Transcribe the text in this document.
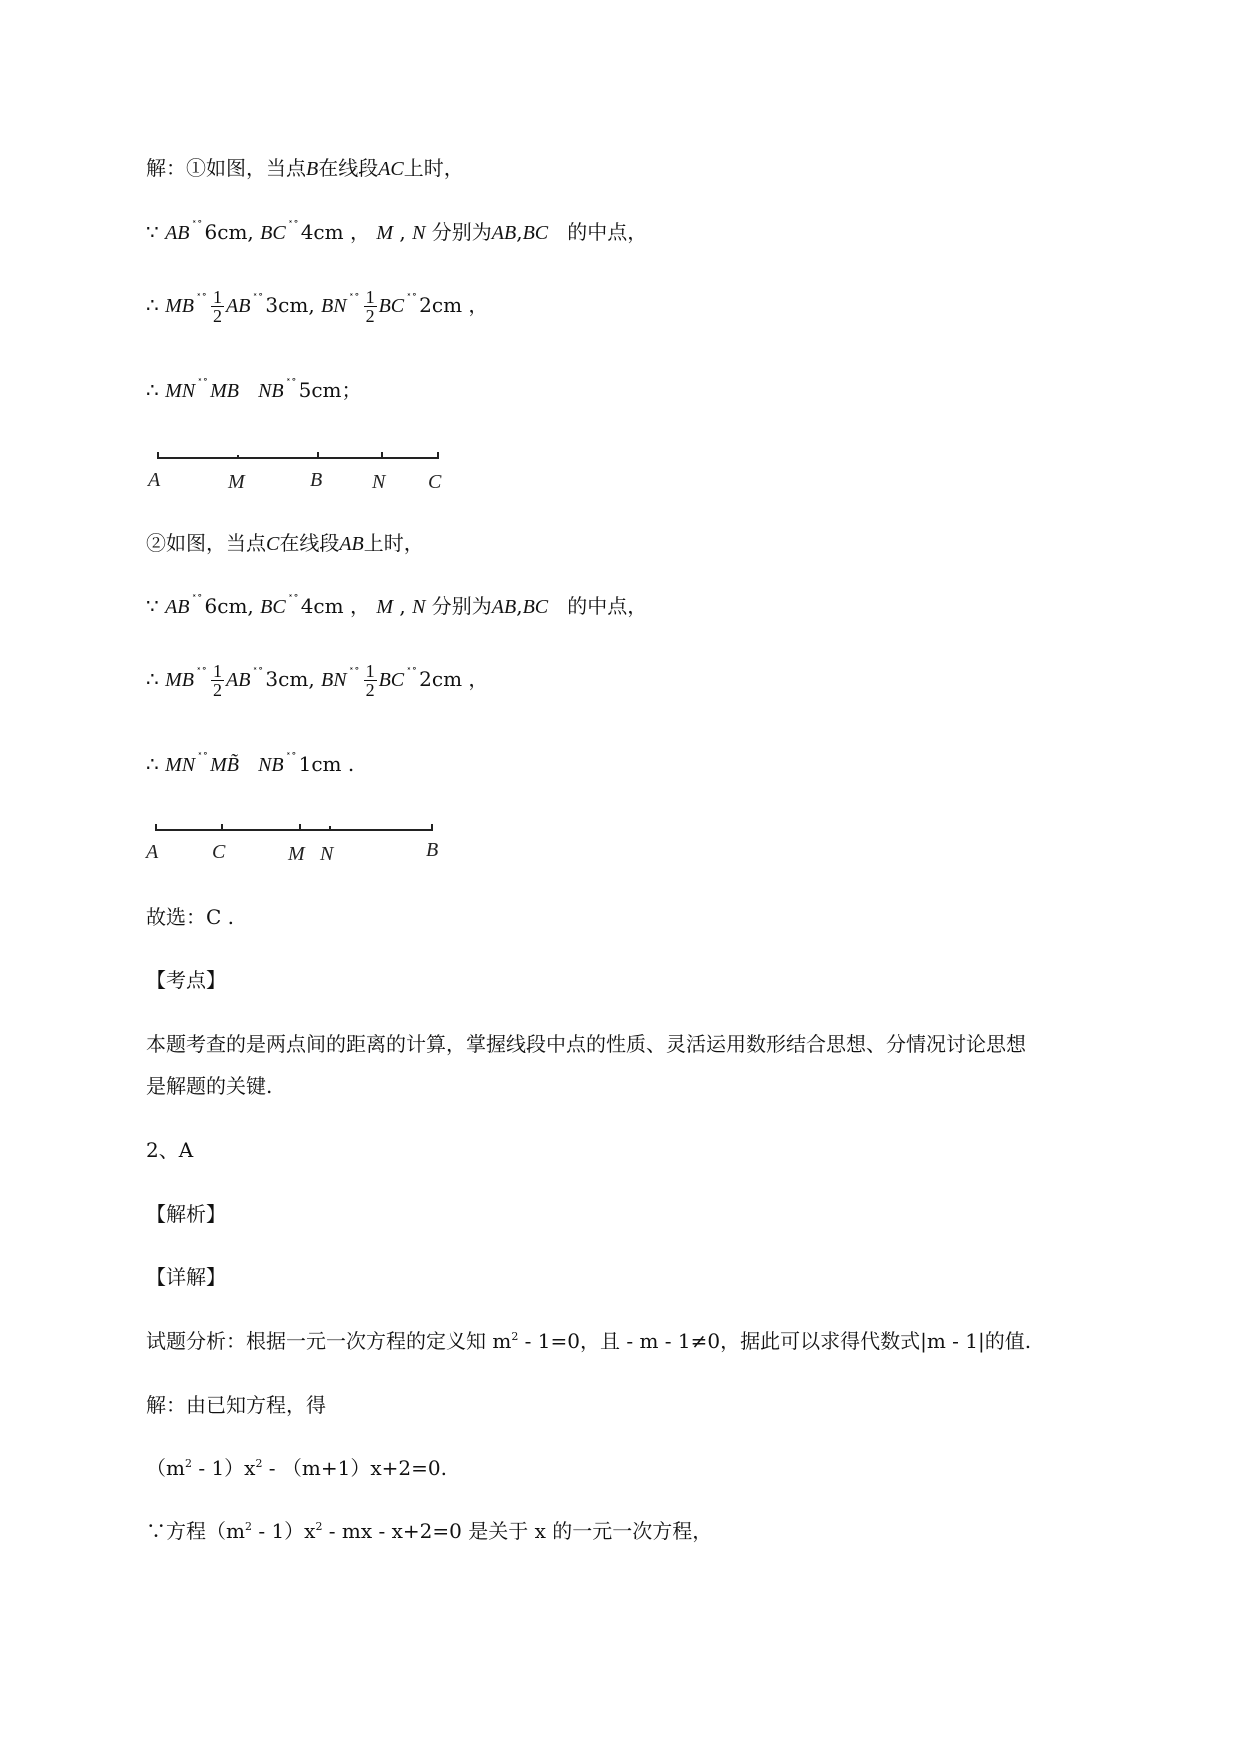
解：①如图，当点B在线段AC上时，
∵ AB ˟˚ 6cm, BC ˟˚ 4cm ， M , N 分别为AB,BC 的中点，
∴ MB $^{˟˚} \frac{1}{2}$ AB ˟˚ 3cm, BN $^{˟˚} \frac{1}{2}$ BC ˟˚ 2cm ，
∴ MN ˟˚ MB NB ˟˚ 5cm；
A	M	B N C
②如图，当点C在线段AB上时，
∵ AB ˟˚ 6cm, BC ˟˚ 4cm ， M , N 分别为AB,BC 的中点，
∴ MB $^{˟˚} \frac{1}{2}$ AB ˟˚ 3cm, BN $^{˟˚} \frac{1}{2}$ BC ˟˚ 2cm ，
∴ MN ˟˚ MB̃ NB ˟˚ 1cm .
A	C	M N	B
故选：C .
【考点】
本题考查的是两点间的距离的计算，掌握线段中点的性质、灵活运用数形结合思想、分情况讨论思想
是解题的关键.
2、A
【解析】
【详解】
试题分析：根据一元一次方程的定义知 $m^2 - 1=0$，且 - m - 1≠0，据此可以求得代数式|m - 1|的值.
解：由已知方程，得
$(m^2 - 1)x^2 - (m+1)x+2=0$.
∵方程$(m^2 - 1)x^2$ - mx - x+2=0 是关于 x 的一元一次方程，
